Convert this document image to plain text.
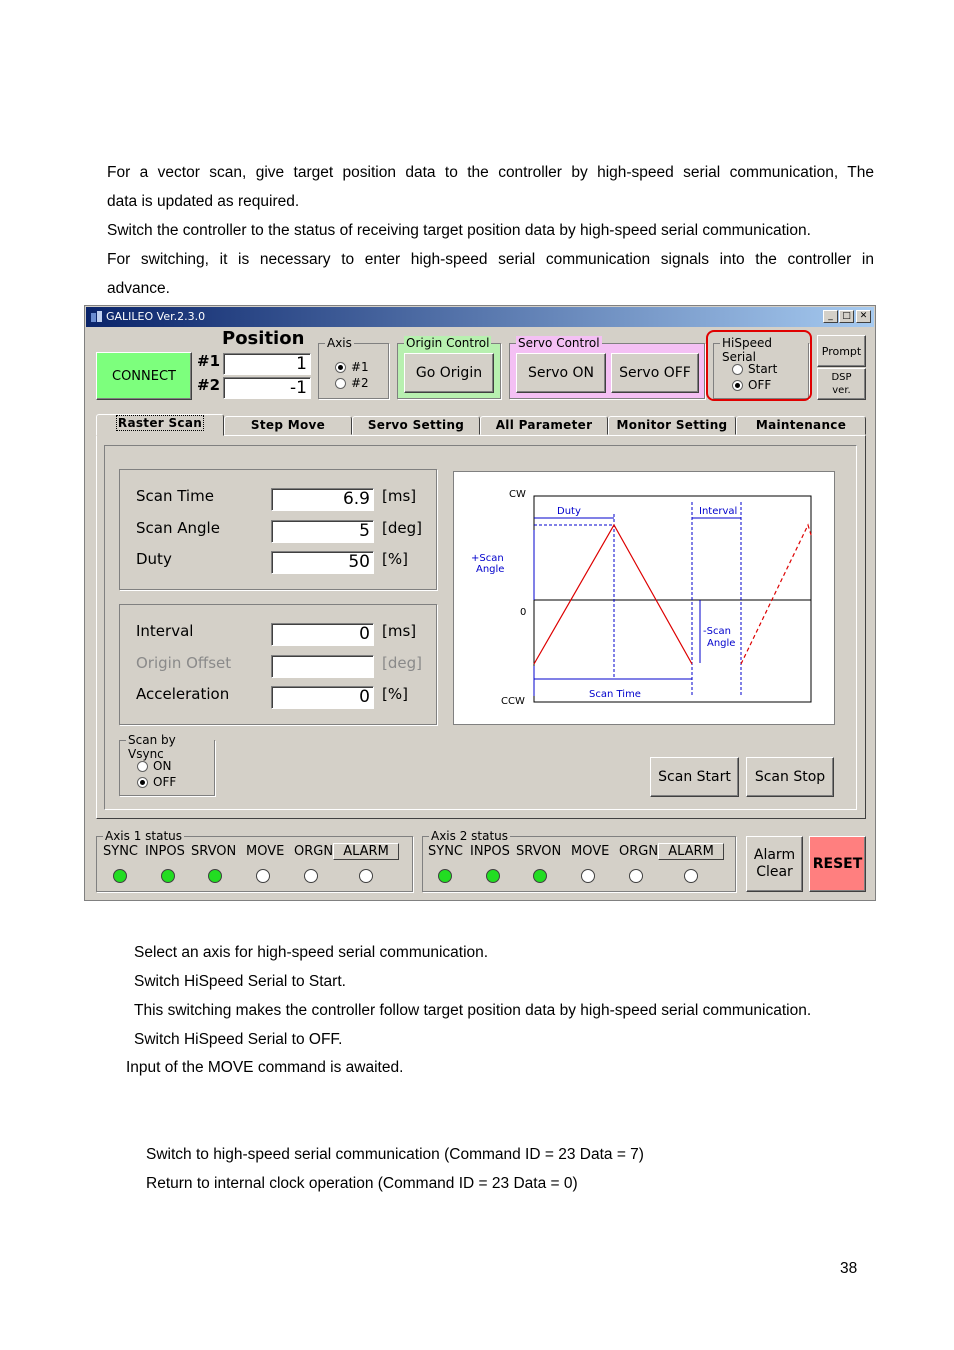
For a vector scan, give target position data to the controller by high-speed serial communication, The

data is updated as required.

Switch the controller to the status of receiving target position data by high-speed serial communication.

For switching, it is necessary to enter high-speed serial communication signals into the controller in

advance.

GALILEO Ver.2.3.0	_	□ ✕
CONNECT
Position
#1	1
#2	-1
Axis
#1
#2
Origin Control
Go Origin
Servo Control
Servo ON	Servo OFF
HiSpeed Serial
Start
OFF
Prompt
DSP
ver.
Raster Scan	Step Move	Servo Setting	All Parameter	Monitor Setting	Maintenance
Scan Time	6.9 [ms]
Scan Angle	5 [deg]
Duty	50 [%]
Interval	0 [ms]
Origin Offset	[deg]
Acceleration	0 [%]
CW
0
CCW
Duty	Interval
+Scan
Angle
-Scan
Angle
Scan Time
Scan by Vsync
ON
OFF	Scan Start	Scan Stop
Axis 1 status
SYNC INPOS SRVON MOVE ORGN ALARM
Axis 2 status
SYNC INPOS SRVON MOVE ORGN ALARM	Alarm
Clear RESET

Select an axis for high-speed serial communication.

Switch HiSpeed Serial to Start.

This switching makes the controller follow target position data by high-speed serial communication.

Switch HiSpeed Serial to OFF.

Input of the MOVE command is awaited.

Switch to high-speed serial communication (Command ID = 23 Data = 7)

Return to internal clock operation (Command ID = 23 Data = 0)

38
